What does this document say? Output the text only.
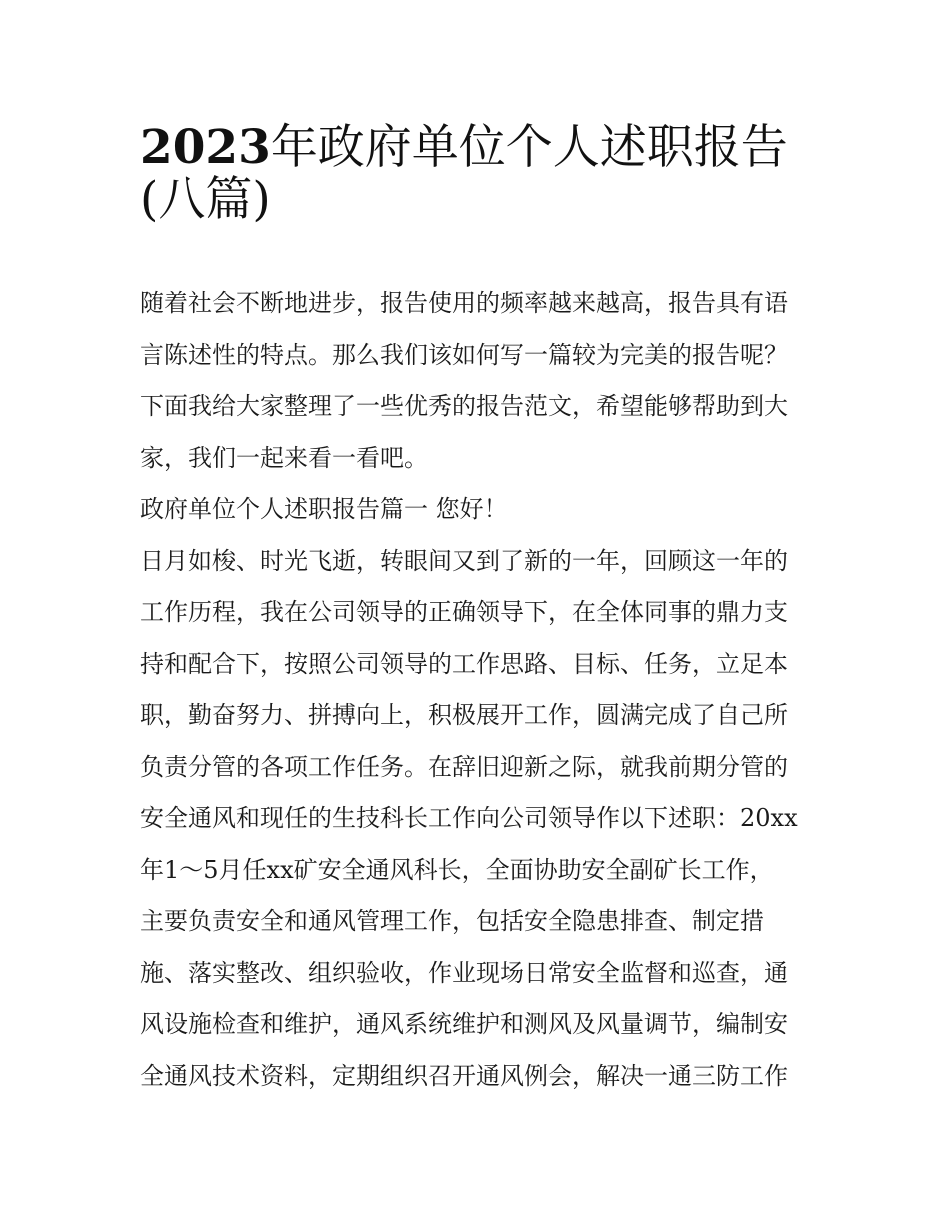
2023年政府单位个人述职报告
(八篇)

随着社会不断地进步，报告使用的频率越来越高，报告具有语
言陈述性的特点。那么我们该如何写一篇较为完美的报告呢？
下面我给大家整理了一些优秀的报告范文，希望能够帮助到大
家，我们一起来看一看吧。

政府单位个人述职报告篇一 您好！

日月如梭、时光飞逝，转眼间又到了新的一年，回顾这一年的
工作历程，我在公司领导的正确领导下，在全体同事的鼎力支
持和配合下，按照公司领导的工作思路、目标、任务，立足本
职，勤奋努力、拼搏向上，积极展开工作，圆满完成了自己所
负责分管的各项工作任务。在辞旧迎新之际，就我前期分管的
安全通风和现任的生技科长工作向公司领导作以下述职：20xx
年1～5月任xx矿安全通风科长，全面协助安全副矿长工作，
主要负责安全和通风管理工作，包括安全隐患排查、制定措
施、落实整改、组织验收，作业现场日常安全监督和巡查，通
风设施检查和维护，通风系统维护和测风及风量调节，编制安
全通风技术资料，定期组织召开通风例会，解决一通三防工作
